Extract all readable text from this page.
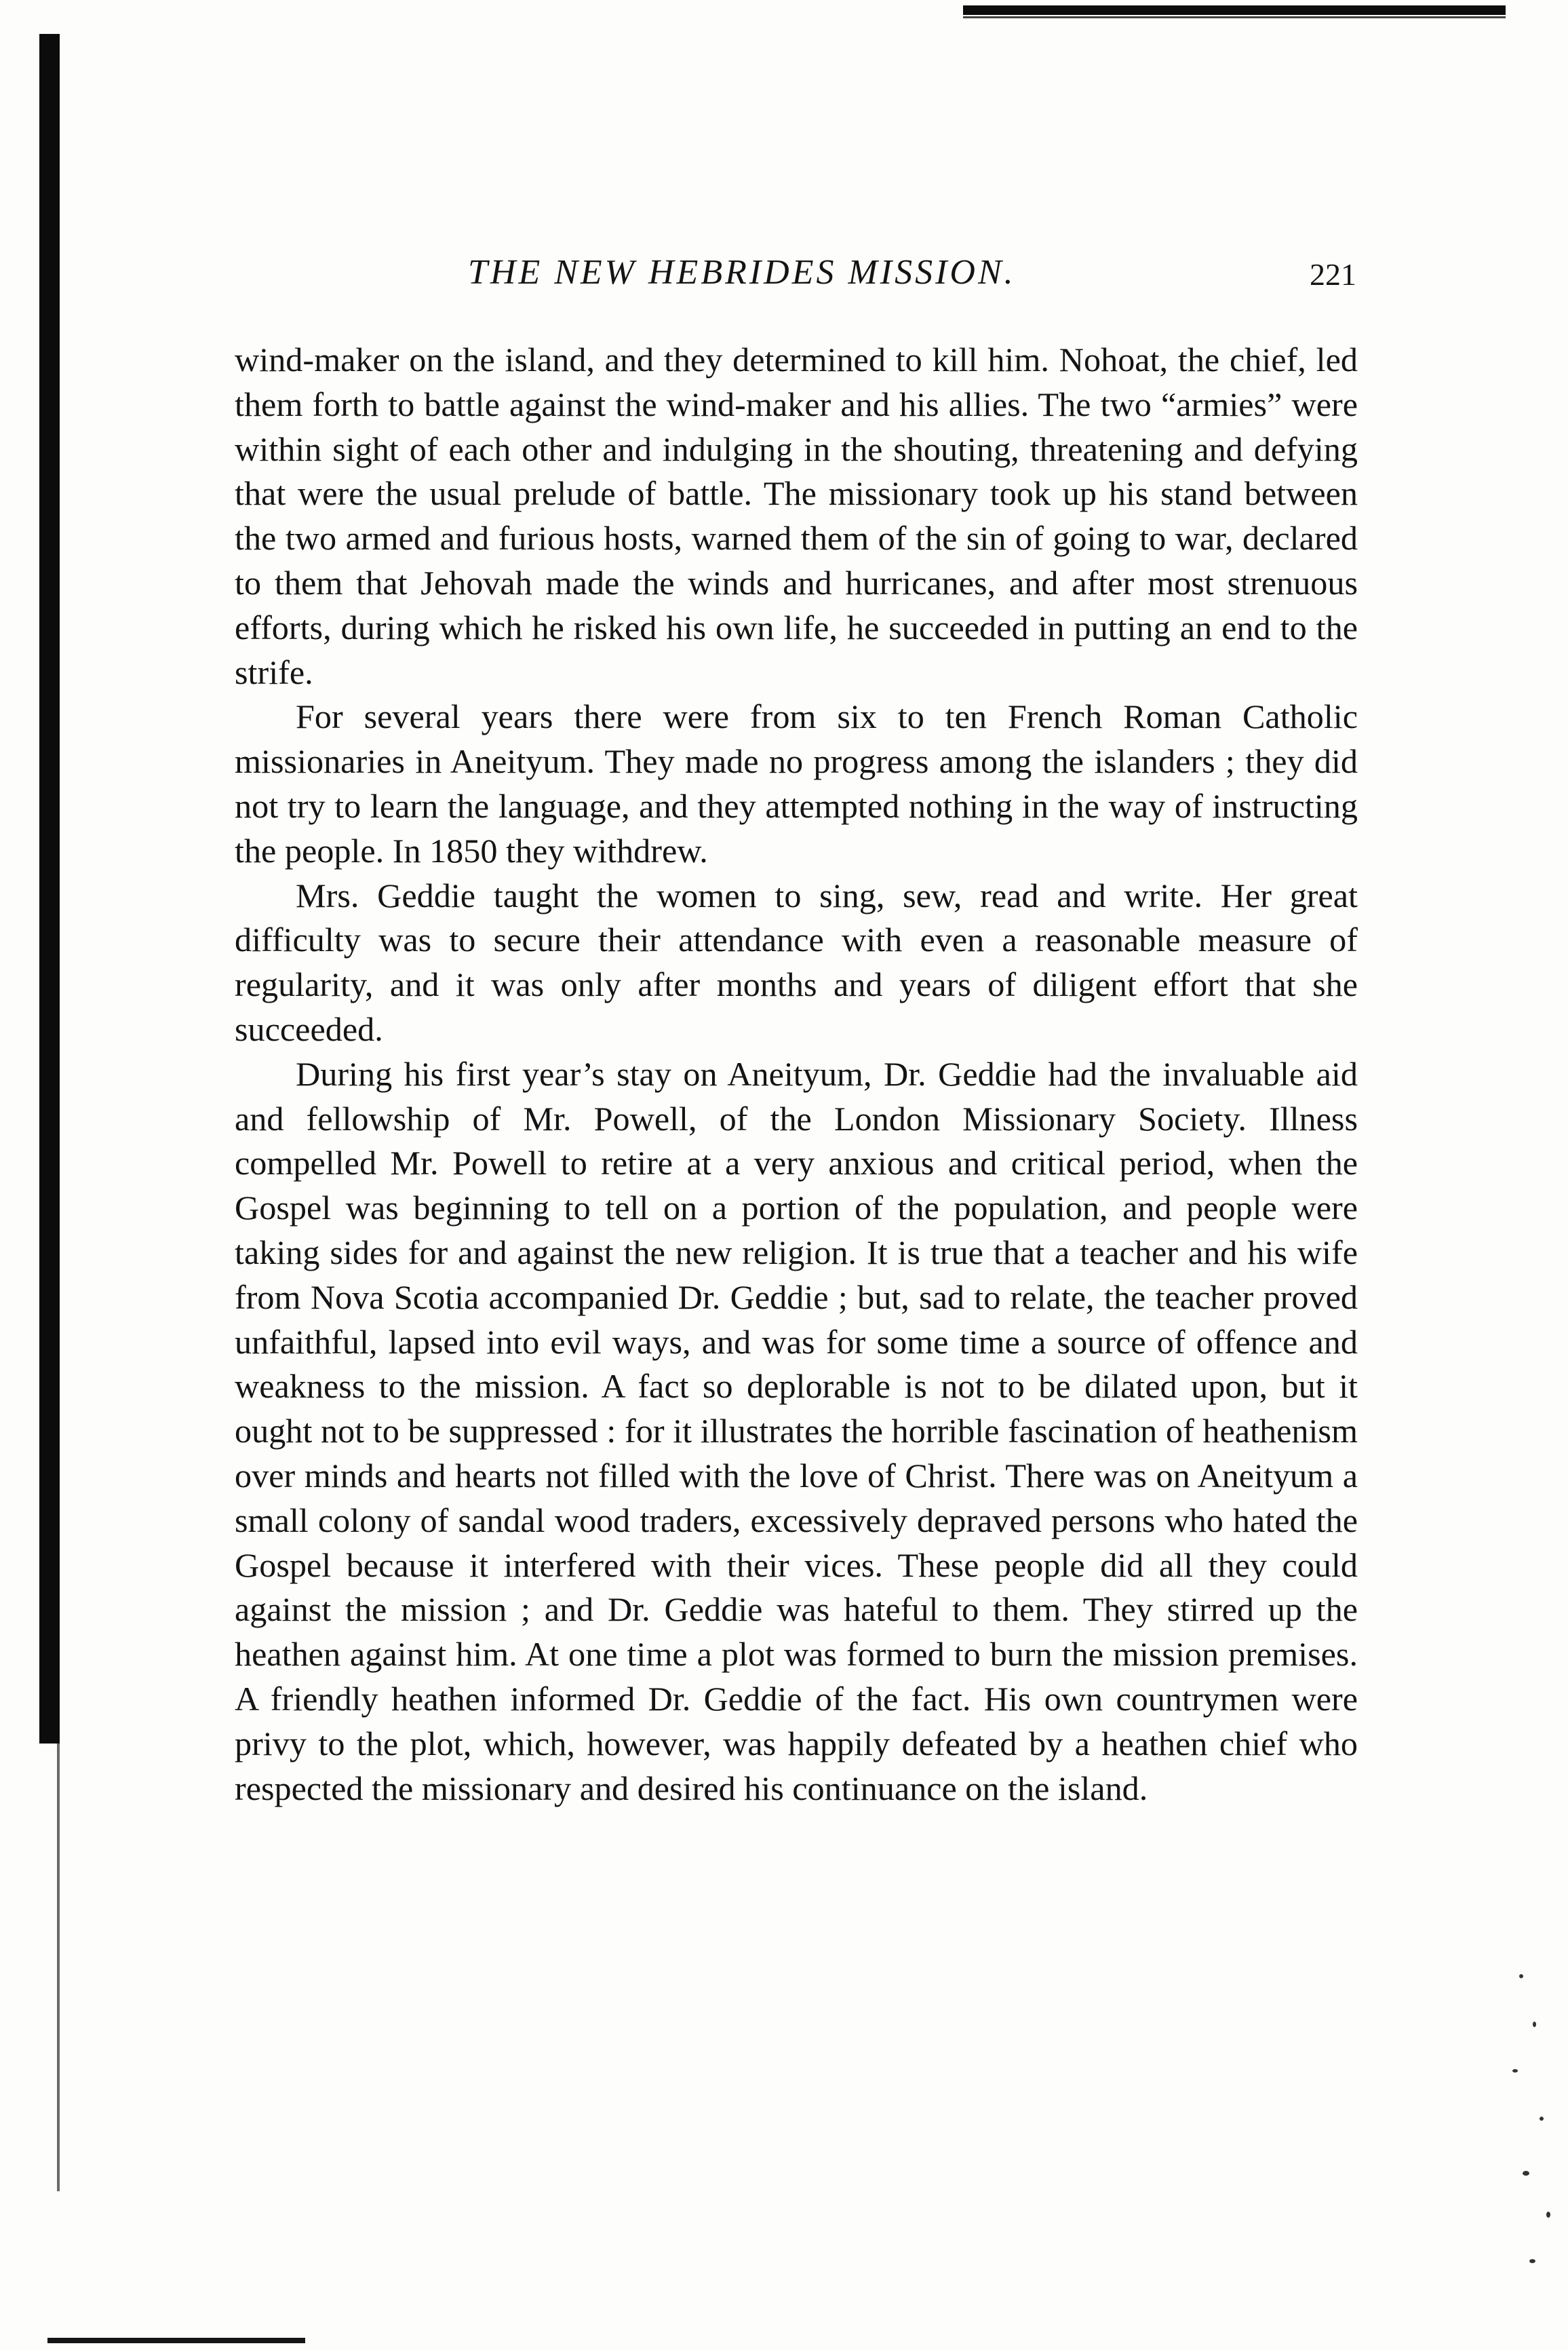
THE NEW HEBRIDES MISSION.	221

wind-maker on the island, and they determined to kill him. Nohoat, the chief, led them forth to battle against the wind-maker and his allies. The two “armies” were within sight of each other and indulging in the shouting, threatening and defying that were the usual prelude of battle. The missionary took up his stand between the two armed and furious hosts, warned them of the sin of going to war, declared to them that Jehovah made the winds and hurricanes, and after most strenuous efforts, during which he risked his own life, he succeeded in putting an end to the strife.

For several years there were from six to ten French Roman Catholic missionaries in Aneityum. They made no progress among the islanders ; they did not try to learn the language, and they attempted nothing in the way of instructing the people. In 1850 they withdrew.

Mrs. Geddie taught the women to sing, sew, read and write. Her great difficulty was to secure their attendance with even a reasonable measure of regularity, and it was only after months and years of diligent effort that she succeeded.

During his first year’s stay on Aneityum, Dr. Geddie had the invaluable aid and fellowship of Mr. Powell, of the London Missionary Society. Illness compelled Mr. Powell to retire at a very anxious and critical period, when the Gospel was beginning to tell on a portion of the population, and people were taking sides for and against the new religion. It is true that a teacher and his wife from Nova Scotia accompanied Dr. Geddie ; but, sad to relate, the teacher proved unfaithful, lapsed into evil ways, and was for some time a source of offence and weakness to the mission. A fact so deplorable is not to be dilated upon, but it ought not to be suppressed : for it illustrates the horrible fascination of heathenism over minds and hearts not filled with the love of Christ. There was on Aneityum a small colony of sandal wood traders, excessively depraved persons who hated the Gospel because it interfered with their vices. These people did all they could against the mission ; and Dr. Geddie was hateful to them. They stirred up the heathen against him. At one time a plot was formed to burn the mission premises. A friendly heathen informed Dr. Geddie of the fact. His own countrymen were privy to the plot, which, however, was happily defeated by a heathen chief who respected the missionary and desired his continuance on the island.
